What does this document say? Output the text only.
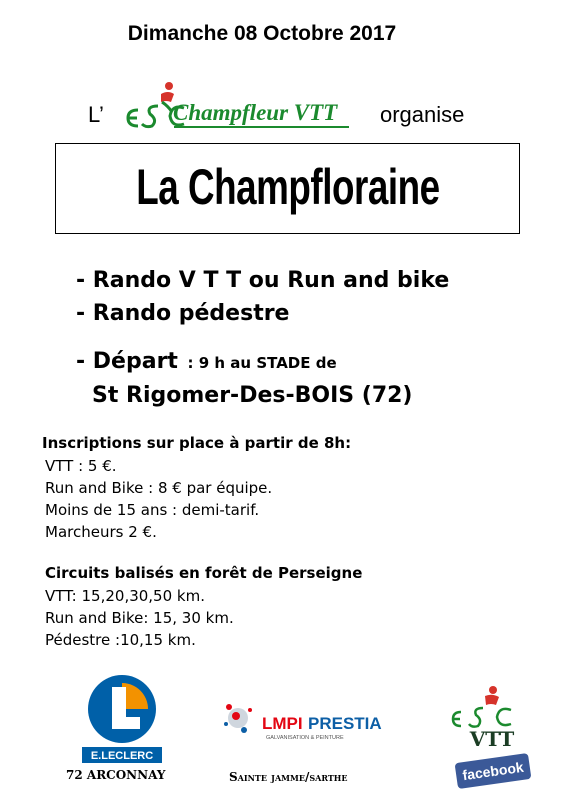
Dimanche 08 Octobre 2017
L’	Champfleur VTT organise
La Champfloraine
- Rando V T T ou Run and bike
- Rando pédestre
- Départ : 9 h au STADE de
St Rigomer-Des-BOIS (72)
Inscriptions sur place à partir de 8h:
VTT : 5 €.
Run and Bike : 8 € par équipe.
Moins de 15 ans : demi-tarif.
Marcheurs 2 €.
Circuits balisés en forêt de Perseigne
VTT: 15,20,30,50 km.
Run and Bike: 15, 30 km.
Pédestre :10,15 km.
E.LECLERC
72 ARCONNAY
LMPI PRESTIA
GALVANISATION & PEINTURE
Sainte jamme/sarthe
VTT
facebook
